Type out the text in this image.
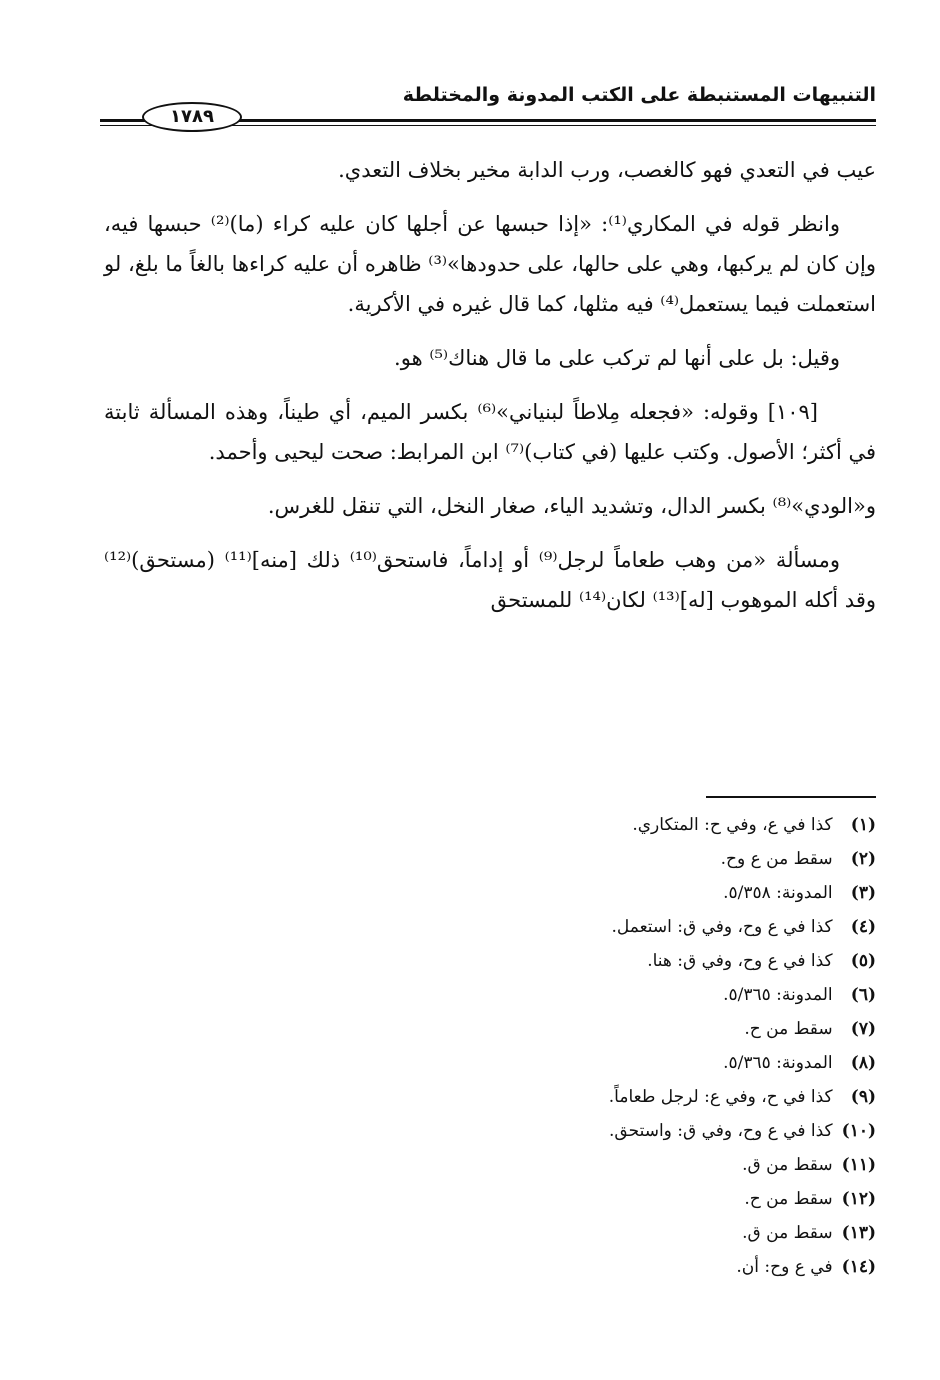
التنبيهات المستنبطة على الكتب المدونة والمختلطة
١٧٨٩

عيب في التعدي فهو كالغصب، ورب الدابة مخير بخلاف التعدي.

وانظر قوله في المكاري⁽¹⁾: «إذا حبسها عن أجلها كان عليه كراء (ما)⁽²⁾ حبسها فيه، وإن كان لم يركبها، وهي على حالها، على حدودها»⁽³⁾ ظاهره أن عليه كراءها بالغاً ما بلغ، لو استعملت فيما يستعمل⁽⁴⁾ فيه مثلها، كما قال غيره في الأكرية.

وقيل: بل على أنها لم تركب على ما قال هناك⁽⁵⁾ هو.

[١٠٩] وقوله: «فجعله مِلاطاً لبنياني»⁽⁶⁾ بكسر الميم، أي طيناً، وهذه المسألة ثابتة في أكثر؛ الأصول. وكتب عليها (في كتاب)⁽⁷⁾ ابن المرابط: صحت ليحيى وأحمد.

و«الودي»⁽⁸⁾ بكسر الدال، وتشديد الياء، صغار النخل، التي تنقل للغرس.

ومسألة «من وهب طعاماً لرجل⁽⁹⁾ أو إداماً، فاستحق⁽¹⁰⁾ ذلك [منه]⁽¹¹⁾ (مستحق)⁽¹²⁾ وقد أكله الموهوب [له]⁽¹³⁾ لكان⁽¹⁴⁾ للمستحق

(١) كذا في ع، وفي ح: المتكاري.
(٢) سقط من ع وح.
(٣) المدونة: ٥/٣٥٨.
(٤) كذا في ع وح، وفي ق: استعمل.
(٥) كذا في ع وح، وفي ق: هنا.
(٦) المدونة: ٥/٣٦٥.
(٧) سقط من ح.
(٨) المدونة: ٥/٣٦٥.
(٩) كذا في ح، وفي ع: لرجل طعاماً.
(١٠) كذا في ع وح، وفي ق: واستحق.
(١١) سقط من ق.
(١٢) سقط من ح.
(١٣) سقط من ق.
(١٤) في ع وح: أن.
